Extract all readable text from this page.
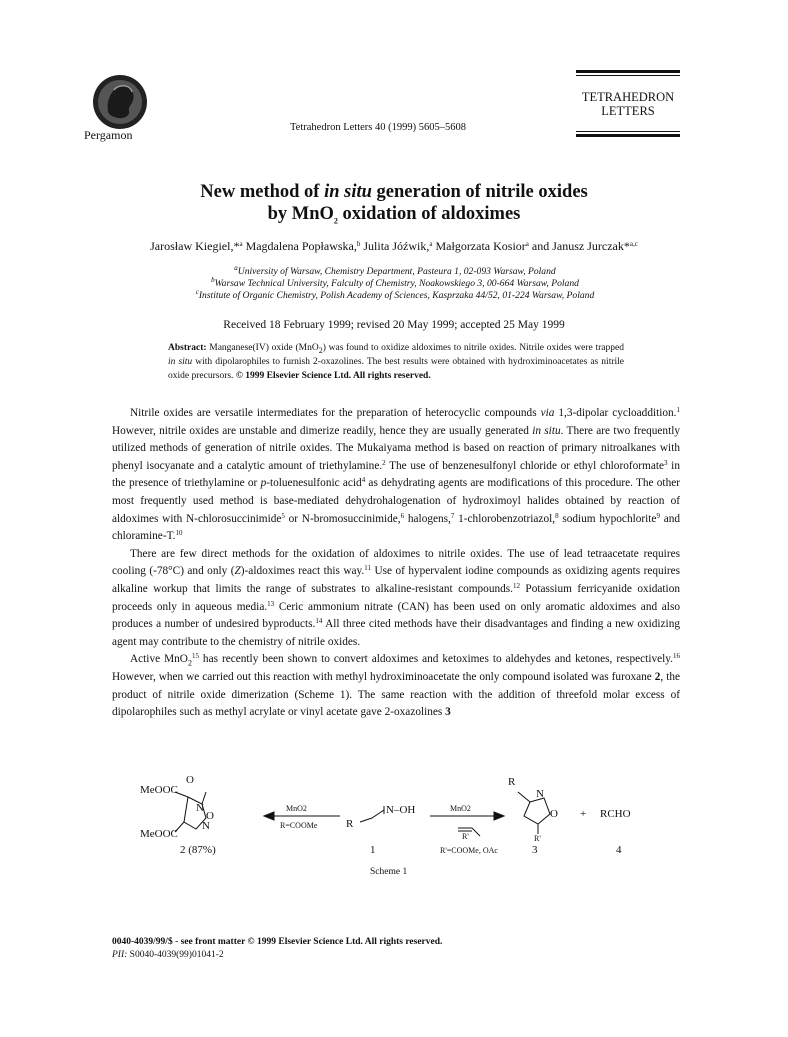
Pergamon
Tetrahedron Letters 40 (1999) 5605–5608
TETRAHEDRON
LETTERS
New method of in situ generation of nitrile oxides
by MnO$_2$ oxidation of aldoximes
Jarosław Kiegiel,*$^a$ Magdalena Popławska,$^b$ Julita Jóźwik,$^a$ Małgorzata Kosior$^a$ and Janusz Jurczak*$^{a,c}$
$^a$University of Warsaw, Chemistry Department, Pasteura 1, 02-093 Warsaw, Poland
$^b$Warsaw Technical University, Falculty of Chemistry, Noakowskiego 3, 00-664 Warsaw, Poland
$^c$Institute of Organic Chemistry, Polish Academy of Sciences, Kasprzaka 44/52, 01-224 Warsaw, Poland
Received 18 February 1999; revised 20 May 1999; accepted 25 May 1999
Abstract: Manganese(IV) oxide (MnO$_2$) was found to oxidize aldoximes to nitrile oxides. Nitrile oxides were trapped in situ with dipolarophiles to furnish 2-oxazolines. The best results were obtained with hydroximinoacetates as nitrile oxide precursors. © 1999 Elsevier Science Ltd. All rights reserved.

Nitrile oxides are versatile intermediates for the preparation of heterocyclic compounds via 1,3-dipolar cycloaddition.$^1$ However, nitrile oxides are unstable and dimerize readily, hence they are usually generated in situ. There are two frequently utilized methods of generation of nitrile oxides. The Mukaiyama method is based on reaction of primary nitroalkanes with phenyl isocyanate and a catalytic amount of triethylamine.$^2$ The use of benzenesulfonyl chloride or ethyl chloroformate$^3$ in the presence of triethylamine or p-toluenesulfonic acid$^4$ as dehydrating agents are modifications of this procedure. The other most frequently used method is base-mediated dehydrohalogenation of hydroximoyl halides obtained by reaction of aldoximes with N-chlorosuccinimide$^5$ or N-bromosuccinimide,$^6$ halogens,$^7$ 1-chlorobenzotriazol,$^8$ sodium hypochlorite$^9$ and chloramine-T.$^{10}$

There are few direct methods for the oxidation of aldoximes to nitrile oxides. The use of lead tetraacetate requires cooling (-78°C) and only (Z)-aldoximes react this way.$^{11}$ Use of hypervalent iodine compounds as oxidizing agents requires alkaline workup that limits the range of substrates to alkaline-resistant compounds.$^{12}$ Potassium ferricyanide oxidation proceeds only in aqueous media.$^{13}$ Ceric ammonium nitrate (CAN) has been used on only aromatic aldoximes and also produces a number of undesired byproducts.$^{14}$ All three cited methods have their disadvantages and finding a new oxidizing agent may contribute to the chemistry of nitrile oxides.

Active MnO$_2^{15}$ has recently been shown to convert aldoximes and ketoximes to aldehydes and ketones, respectively.$^{16}$ However, when we carried out this reaction with methyl hydroximinoacetate the only compound isolated was furoxane 2, the product of nitrile oxide dimerization (Scheme 1). The same reaction with the addition of threefold molar excess of dipolarophiles such as methyl acrylate or vinyl acetate gave 2-oxazolines 3

O
MeOOC
N
O
N
MeOOC
2 (87%)
MnO2
R=COOMe	R
N–OH
1
MnO2
R'
R'=COOMe, OAc
R
N
O
R'
3
+ RCHO
4
Scheme 1
0040-4039/99/$ - see front matter © 1999 Elsevier Science Ltd. All rights reserved.
PII: S0040-4039(99)01041-2
